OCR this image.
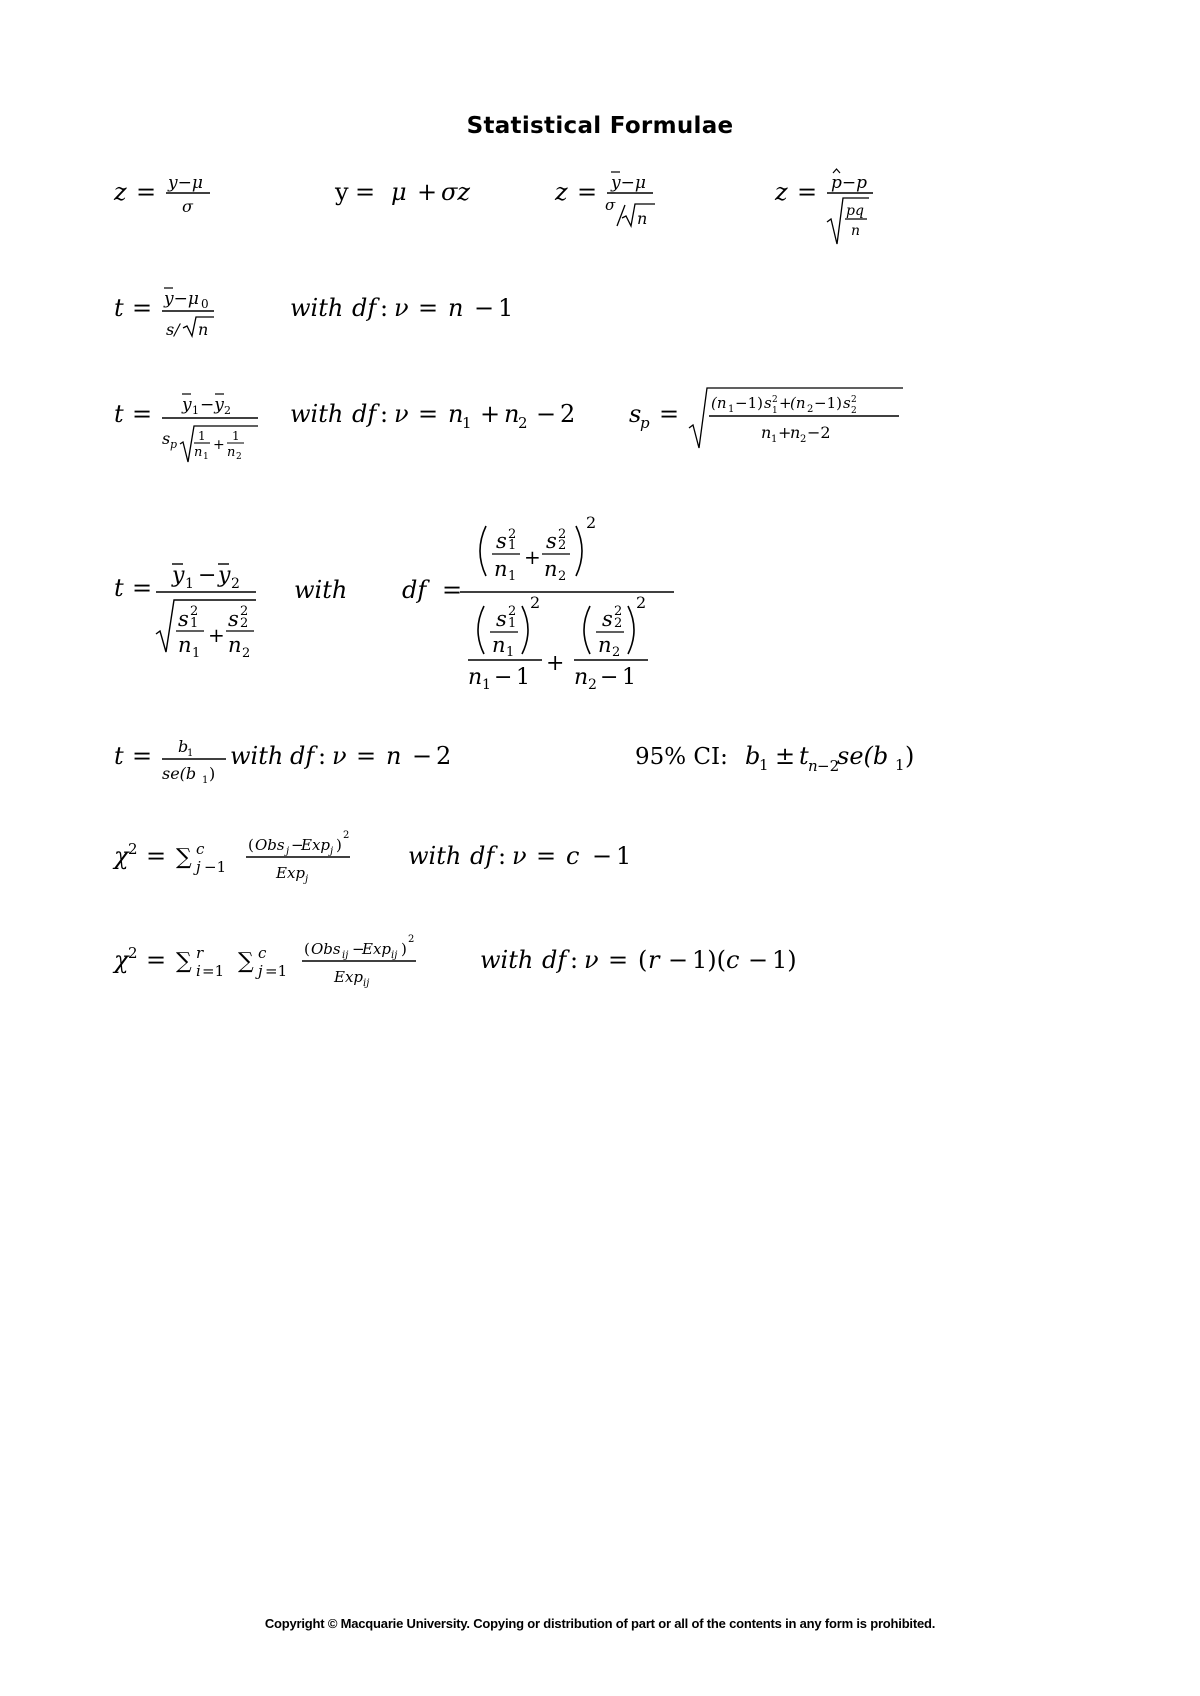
Statistical Formulae
z = y−μ
σ
y = μ + σz	z = y−μ
σ
n
z = p−p
pq
n
t = y−μ 0
s/ n
with df : ν = n − 1
t = y 1 −y 2
s p
1
n 1
+
1
n 2
with df : ν = n
1 + n
2 − 2 s
p = (n 1 −1) s 2
1 +
(n 2 −1) s 2
2
n 1 +
n 2 −2
t = y 1 − y 2
s 2
1
n 1
+
s 2
2
n 2
with df =
s 2
1
n 1
+
s 2
2
n 2
2
s 2
1
n 1
2
n 1 − 1
+
s 2
2
n 2
2
n 2 − 1
t = b
1
se(b 1 )
with df : ν = n − 2	95% CI: b
1 ± t n −2
se(b 1 )
χ 2 = ∑ c
j −1
( Obs j −
Exp j )
2
Exp j
with df : ν = c − 1
χ 2 = ∑ r
i =1 ∑ c
j =1
( Obs ij −
Exp ij )
2
Exp ij
with df : ν = ( r − 1)( c − 1)
Copyright © Macquarie University. Copying or distribution of part or all of the contents in any form is prohibited.
